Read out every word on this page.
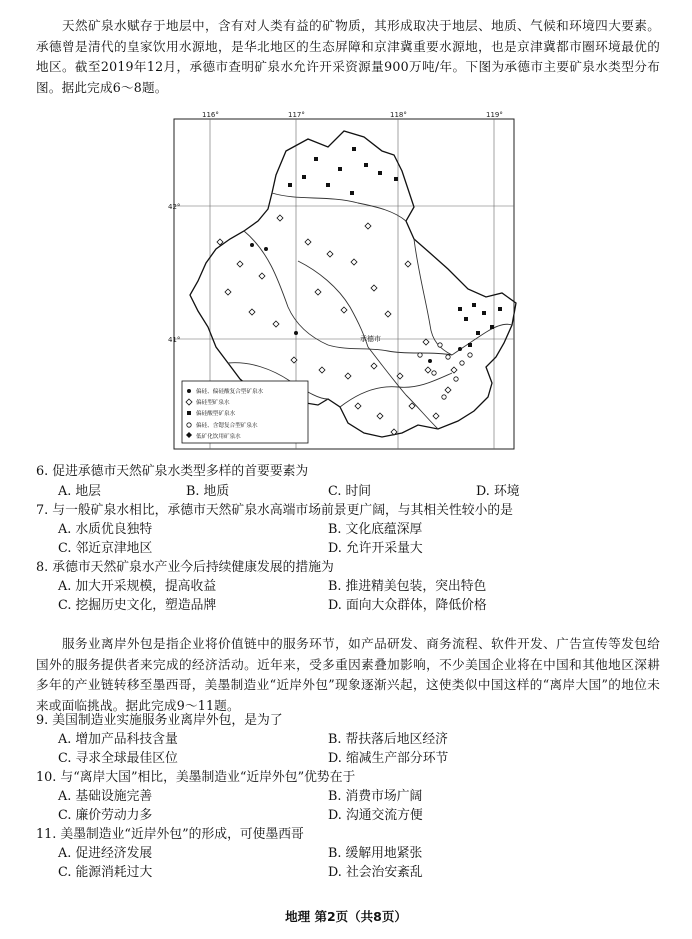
天然矿泉水赋存于地层中，含有对人类有益的矿物质，其形成取决于地层、地质、气候和环境四大要素。承德曾是清代的皇家饮用水源地，是华北地区的生态屏障和京津冀重要水源地，也是京津冀都市圈环境最优的地区。截至2019年12月，承德市查明矿泉水允许开采资源量900万吨/年。下图为承德市主要矿泉水类型分布图。据此完成6～8题。
116°	117°	118°	119°
42°
41°	承德市
偏硅、偏硅酸复合型矿泉水
偏硅型矿泉水
偏硅酸型矿泉水
偏硅、含锶复合型矿泉水
低矿化饮用矿泉水
6. 促进承德市天然矿泉水类型多样的首要要素为
A. 地层	B. 地质	C. 时间	D. 环境
7. 与一般矿泉水相比，承德市天然矿泉水高端市场前景更广阔，与其相关性较小的是
A. 水质优良独特	B. 文化底蕴深厚
C. 邻近京津地区	D. 允许开采量大
8. 承德市天然矿泉水产业今后持续健康发展的措施为
A. 加大开采规模，提高收益	B. 推进精美包装，突出特色
C. 挖掘历史文化，塑造品牌	D. 面向大众群体，降低价格
服务业离岸外包是指企业将价值链中的服务环节，如产品研发、商务流程、软件开发、广告宣传等发包给国外的服务提供者来完成的经济活动。近年来，受多重因素叠加影响，不少美国企业将在中国和其他地区深耕多年的产业链转移至墨西哥，美墨制造业“近岸外包”现象逐渐兴起，这使类似中国这样的“离岸大国”的地位未来或面临挑战。据此完成9～11题。
9. 美国制造业实施服务业离岸外包，是为了
A. 增加产品科技含量	B. 帮扶落后地区经济
C. 寻求全球最佳区位	D. 缩减生产部分环节
10. 与“离岸大国”相比，美墨制造业“近岸外包”优势在于
A. 基础设施完善	B. 消费市场广阔
C. 廉价劳动力多	D. 沟通交流方便
11. 美墨制造业“近岸外包”的形成，可使墨西哥
A. 促进经济发展	B. 缓解用地紧张
C. 能源消耗过大	D. 社会治安紊乱
地理 第2页（共8页）
